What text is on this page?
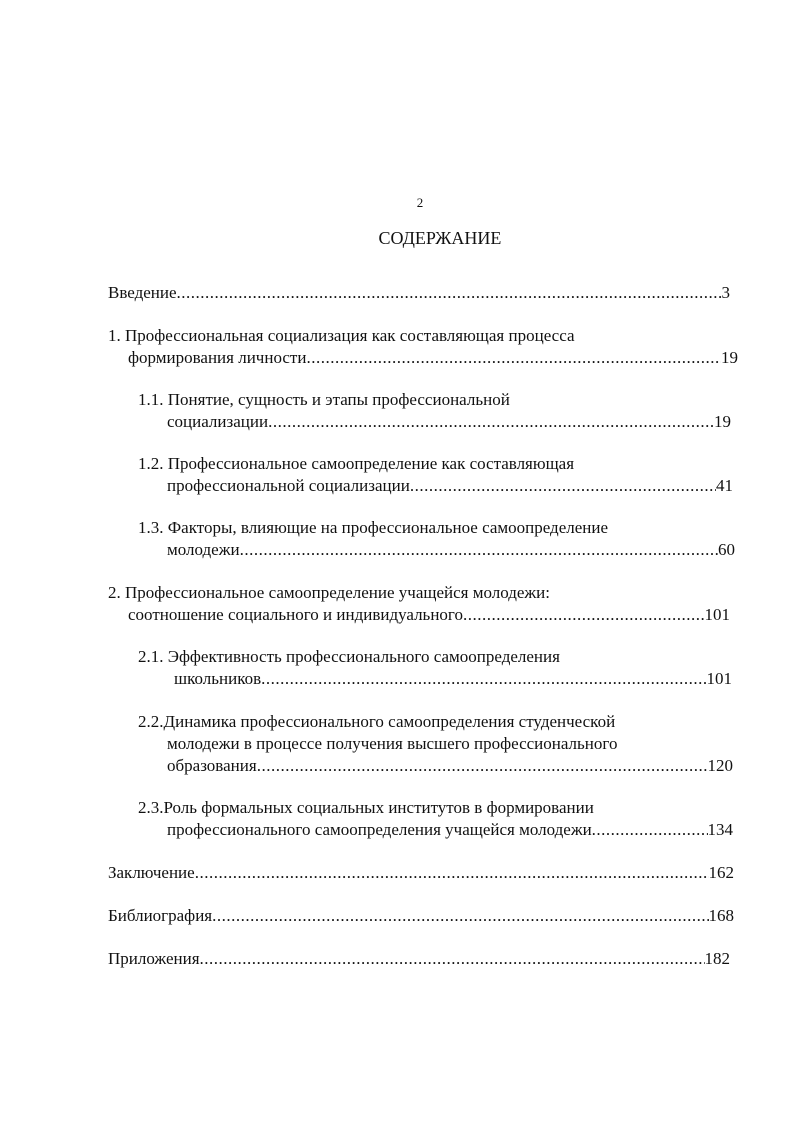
2
СОДЕРЖАНИЕ
Введение .....	3
1. Профессиональная социализация как составляющая процесса
формирования личности .....	19
1.1. Понятие, сущность и этапы профессиональной
социализации .....	19
1.2. Профессиональное самоопределение как составляющая
профессиональной социализации .....	41
1.3. Факторы, влияющие на профессиональное самоопределение
молодежи .....	60
2. Профессиональное самоопределение учащейся молодежи:
соотношение социального и индивидуального .....	101
2.1. Эффективность профессионального самоопределения
школьников .....	101
2.2.Динамика профессионального самоопределения студенческой
молодежи в процессе получения высшего профессионального
образования .....	120
2.3.Роль формальных социальных институтов в формировании
профессионального самоопределения учащейся молодежи .....	134
Заключение .....	162
Библиография .....	168
Приложения .....	182
